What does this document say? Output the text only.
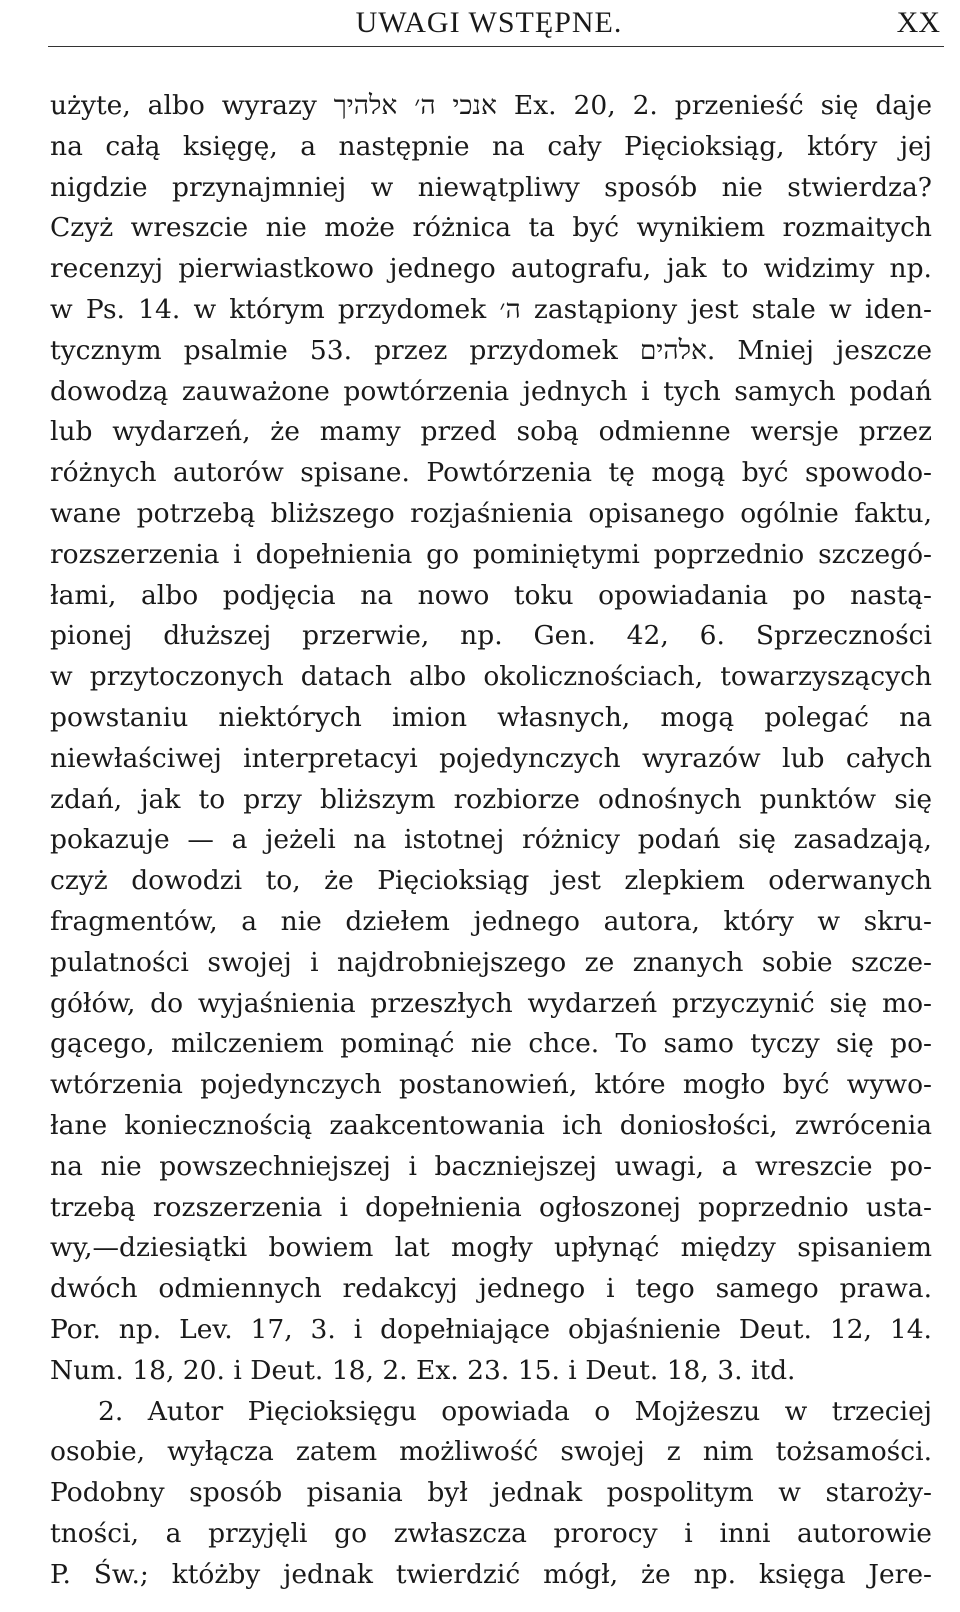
UWAGI WSTĘPNE.	XX
użyte, albo wyrazy אנכי ה׳ אלהיך Ex. 20, 2. przenieść się daje
na całą księgę, a następnie na cały Pięcioksiąg, który jej
nigdzie przynajmniej w niewątpliwy sposób nie stwierdza?
Czyż wreszcie nie może różnica ta być wynikiem rozmaitych
recenzyj pierwiastkowo jednego autografu, jak to widzimy np.
w Ps. 14. w którym przydomek ה׳ zastąpiony jest stale w iden-
tycznym psalmie 53. przez przydomek אלהים. Mniej jeszcze
dowodzą zauważone powtórzenia jednych i tych samych podań
lub wydarzeń, że mamy przed sobą odmienne wersje przez
różnych autorów spisane. Powtórzenia tę mogą być spowodo-
wane potrzebą bliższego rozjaśnienia opisanego ogólnie faktu,
rozszerzenia i dopełnienia go pominiętymi poprzednio szczegó-
łami, albo podjęcia na nowo toku opowiadania po nastą-
pionej dłuższej przerwie, np. Gen. 42, 6. Sprzeczności
w przytoczonych datach albo okolicznościach, towarzyszących
powstaniu niektórych imion własnych, mogą polegać na
niewłaściwej interpretacyi pojedynczych wyrazów lub całych
zdań, jak to przy bliższym rozbiorze odnośnych punktów się
pokazuje — a jeżeli na istotnej różnicy podań się zasadzają,
czyż dowodzi to, że Pięcioksiąg jest zlepkiem oderwanych
fragmentów, a nie dziełem jednego autora, który w skru-
pulatności swojej i najdrobniejszego ze znanych sobie szcze-
gółów, do wyjaśnienia przeszłych wydarzeń przyczynić się mo-
gącego, milczeniem pominąć nie chce. To samo tyczy się po-
wtórzenia pojedynczych postanowień, które mogło być wywo-
łane koniecznością zaakcentowania ich doniosłości, zwrócenia
na nie powszechniejszej i baczniejszej uwagi, a wreszcie po-
trzebą rozszerzenia i dopełnienia ogłoszonej poprzednio usta-
wy,—dziesiątki bowiem lat mogły upłynąć między spisaniem
dwóch odmiennych redakcyj jednego i tego samego prawa.
Por. np. Lev. 17, 3. i dopełniające objaśnienie Deut. 12, 14.
Num. 18, 20. i Deut. 18, 2. Ex. 23. 15. i Deut. 18, 3. itd.
2. Autor Pięcioksięgu opowiada o Mojżeszu w trzeciej
osobie, wyłącza zatem możliwość swojej z nim tożsamości.
Podobny sposób pisania był jednak pospolitym w staroży-
tności, a przyjęli go zwłaszcza prorocy i inni autorowie
P. Św.; któżby jednak twierdzić mógł, że np. księga Jere-
